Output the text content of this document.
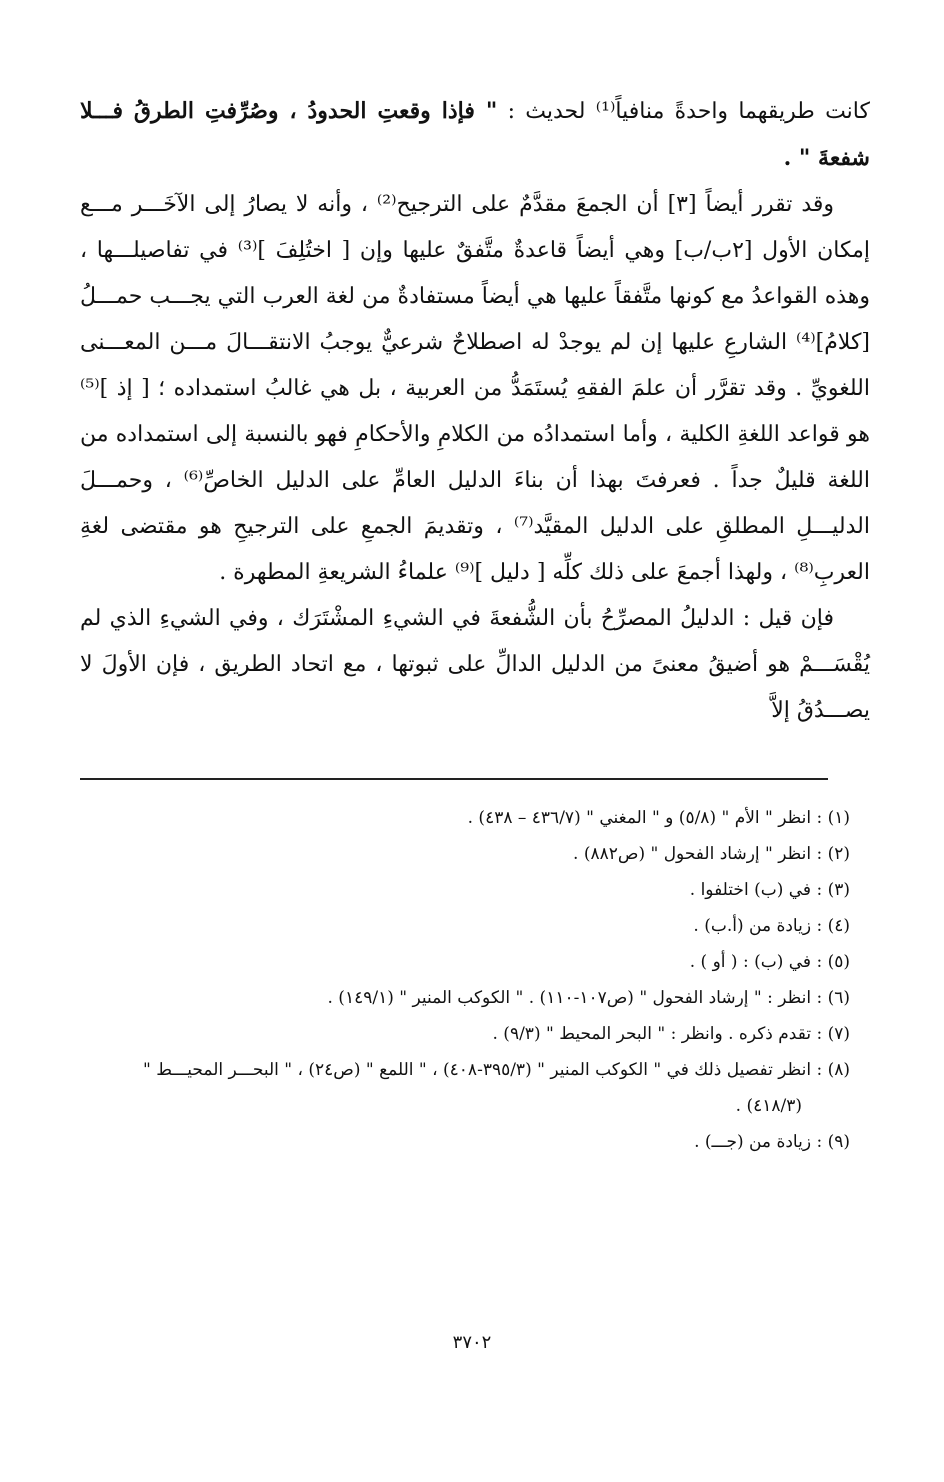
كانت طريقهما واحدةً منافياً⁽¹⁾ لحديث : " فإذا وقعتِ الحدودُ ، وصُرِّفتِ الطرقُ فـــلا شفعةَ " .

وقد تقرر أيضاً [٣] أن الجمعَ مقدَّمٌ على الترجيح⁽²⁾ ، وأنه لا يصارُ إلى الآخَـــر مـــع إمكان الأول [٢ب/ب] وهي أيضاً قاعدةٌ متَّفقٌ عليها وإن [ اختُلِفَ ]⁽³⁾ في تفاصيلـــها ، وهذه القواعدُ مع كونها متَّفقاً عليها هي أيضاً مستفادةٌ من لغة العرب التي يجـــب حمـــلُ [كلامُ]⁽⁴⁾ الشارعِ عليها إن لم يوجدْ له اصطلاحٌ شرعيٌّ يوجبُ الانتقـــالَ مـــن المعـــنى اللغويِّ . وقد تقرَّر أن علمَ الفقهِ يُستَمَدُّ من العربية ، بل هي غالبُ استمداده ؛ [ إذ ]⁽⁵⁾ هو قواعد اللغةِ الكلية ، وأما استمدادُه من الكلامِ والأحكامِ فهو بالنسبة إلى استمداده من اللغة قليلٌ جداً . فعرفتَ بهذا أن بناءَ الدليل العامِّ على الدليل الخاصِّ⁽⁶⁾ ، وحمـــلَ الدليـــلِ المطلقِ على الدليل المقيَّد⁽⁷⁾ ، وتقديمَ الجمعِ على الترجيحِ هو مقتضى لغةِ العربِ⁽⁸⁾ ، ولهذا أجمعَ على ذلك كلِّه [ دليل ]⁽⁹⁾ علماءُ الشريعةِ المطهرة .

فإن قيل : الدليلُ المصرِّحُ بأن الشُّفعةَ في الشيءِ المشْتَرَك ، وفي الشيءِ الذي لم يُقْسَـــمْ هو أضيقُ معنىً من الدليل الدالِّ على ثبوتها ، مع اتحاد الطريق ، فإن الأولَ لا يصـــدُقُ إلاَّ

(١) : انظر " الأم " (٥/٨) و " المغني " (٤٣٦/٧ – ٤٣٨) .

(٢) : انظر " إرشاد الفحول " (ص٨٨٢) .

(٣) : في (ب) اختلفوا .

(٤) : زيادة من (أ.ب) .

(٥) : في (ب) : ( أو ) .

(٦) : انظر : " إرشاد الفحول " (ص١٠٧-١١٠) . " الكوكب المنير " (١٤٩/١) .

(٧) : تقدم ذكره . وانظر : " البحر المحيط " (٩/٣) .

(٨) : انظر تفصيل ذلك في " الكوكب المنير " (٣٩٥/٣-٤٠٨) ، " اللمع " (ص٢٤) ، " البحـــر المحيـــط "

(٤١٨/٣) .

(٩) : زيادة من (جـــ) .

٣٧٠٢
